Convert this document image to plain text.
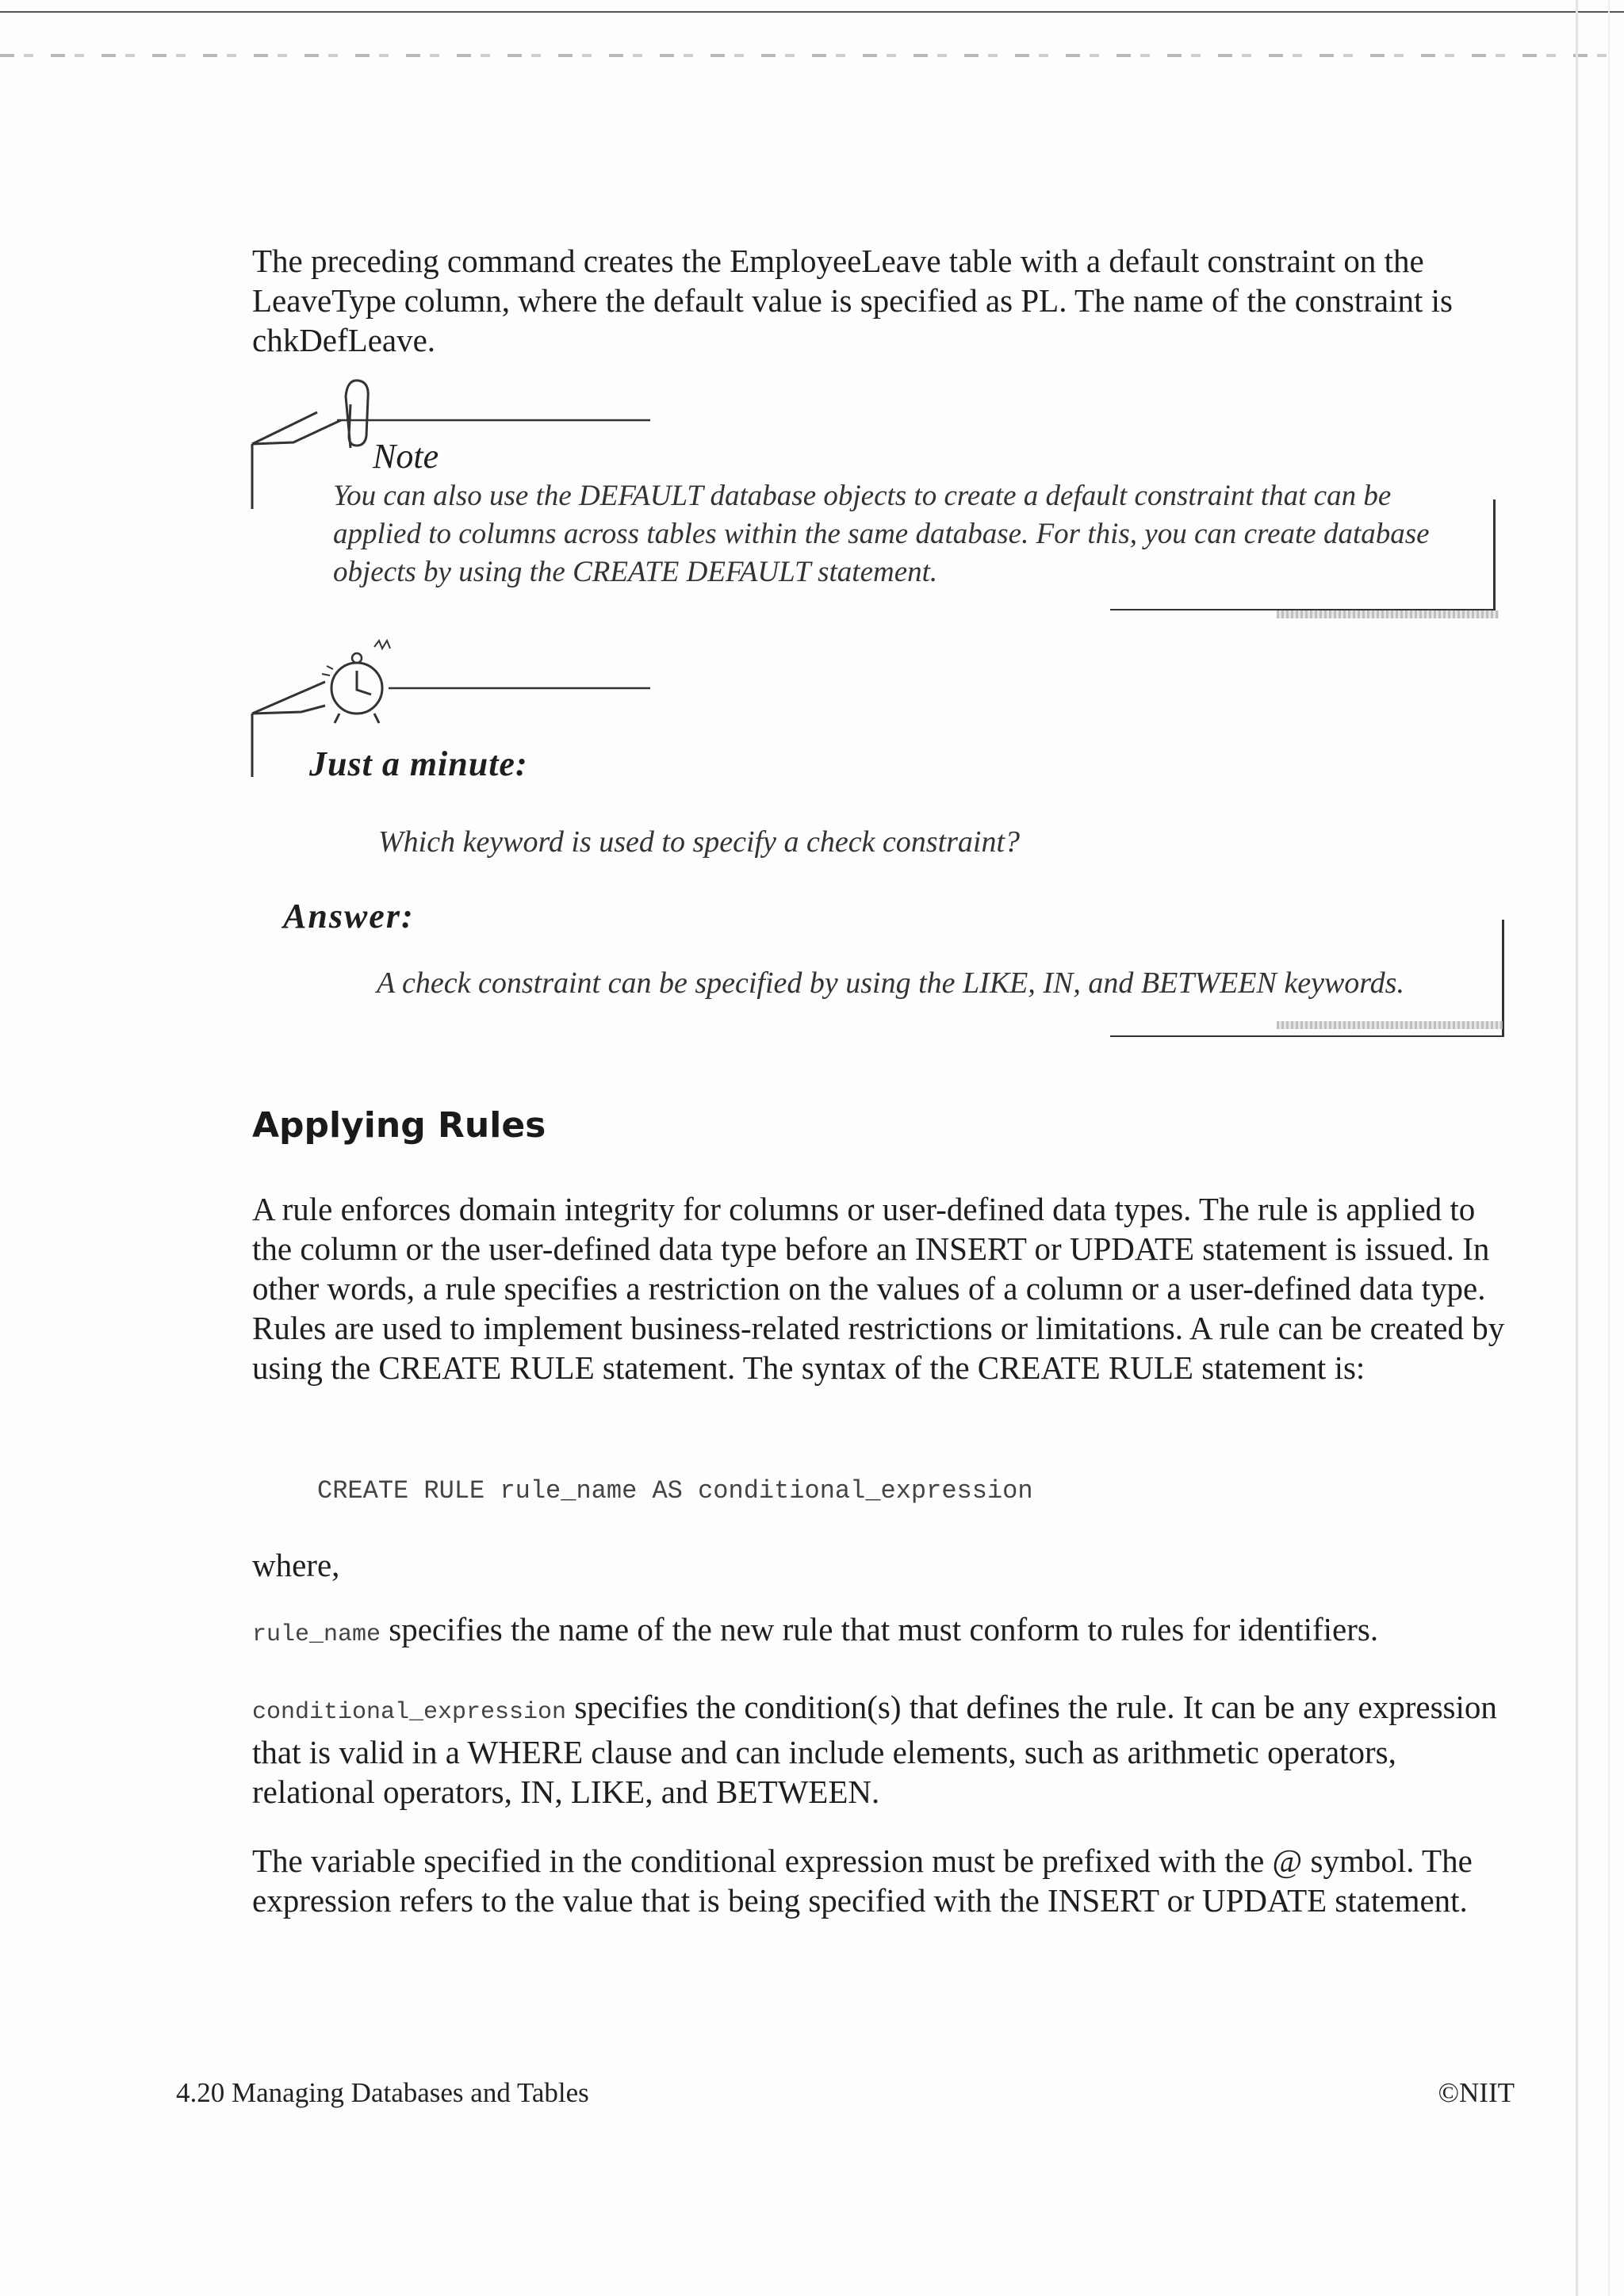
The preceding command creates the EmployeeLeave table with a default constraint on the LeaveType column, where the default value is specified as PL. The name of the constraint is chkDefLeave.

Note
You can also use the DEFAULT database objects to create a default constraint that can be applied to columns across tables within the same database. For this, you can create database objects by using the CREATE DEFAULT statement.
Just a minute:
Which keyword is used to specify a check constraint?
Answer:
A check constraint can be specified by using the LIKE, IN, and BETWEEN keywords.
Applying Rules

A rule enforces domain integrity for columns or user-defined data types. The rule is applied to the column or the user-defined data type before an INSERT or UPDATE statement is issued. In other words, a rule specifies a restriction on the values of a column or a user-defined data type. Rules are used to implement business-related restrictions or limitations. A rule can be created by using the CREATE RULE statement. The syntax of the CREATE RULE statement is:

CREATE RULE rule_name AS conditional_expression

where,

rule_name specifies the name of the new rule that must conform to rules for identifiers.

conditional_expression specifies the condition(s) that defines the rule. It can be any expression that is valid in a WHERE clause and can include elements, such as arithmetic operators, relational operators, IN, LIKE, and BETWEEN.

The variable specified in the conditional expression must be prefixed with the @ symbol. The expression refers to the value that is being specified with the INSERT or UPDATE statement.

4.20 Managing Databases and Tables	©NIIT
